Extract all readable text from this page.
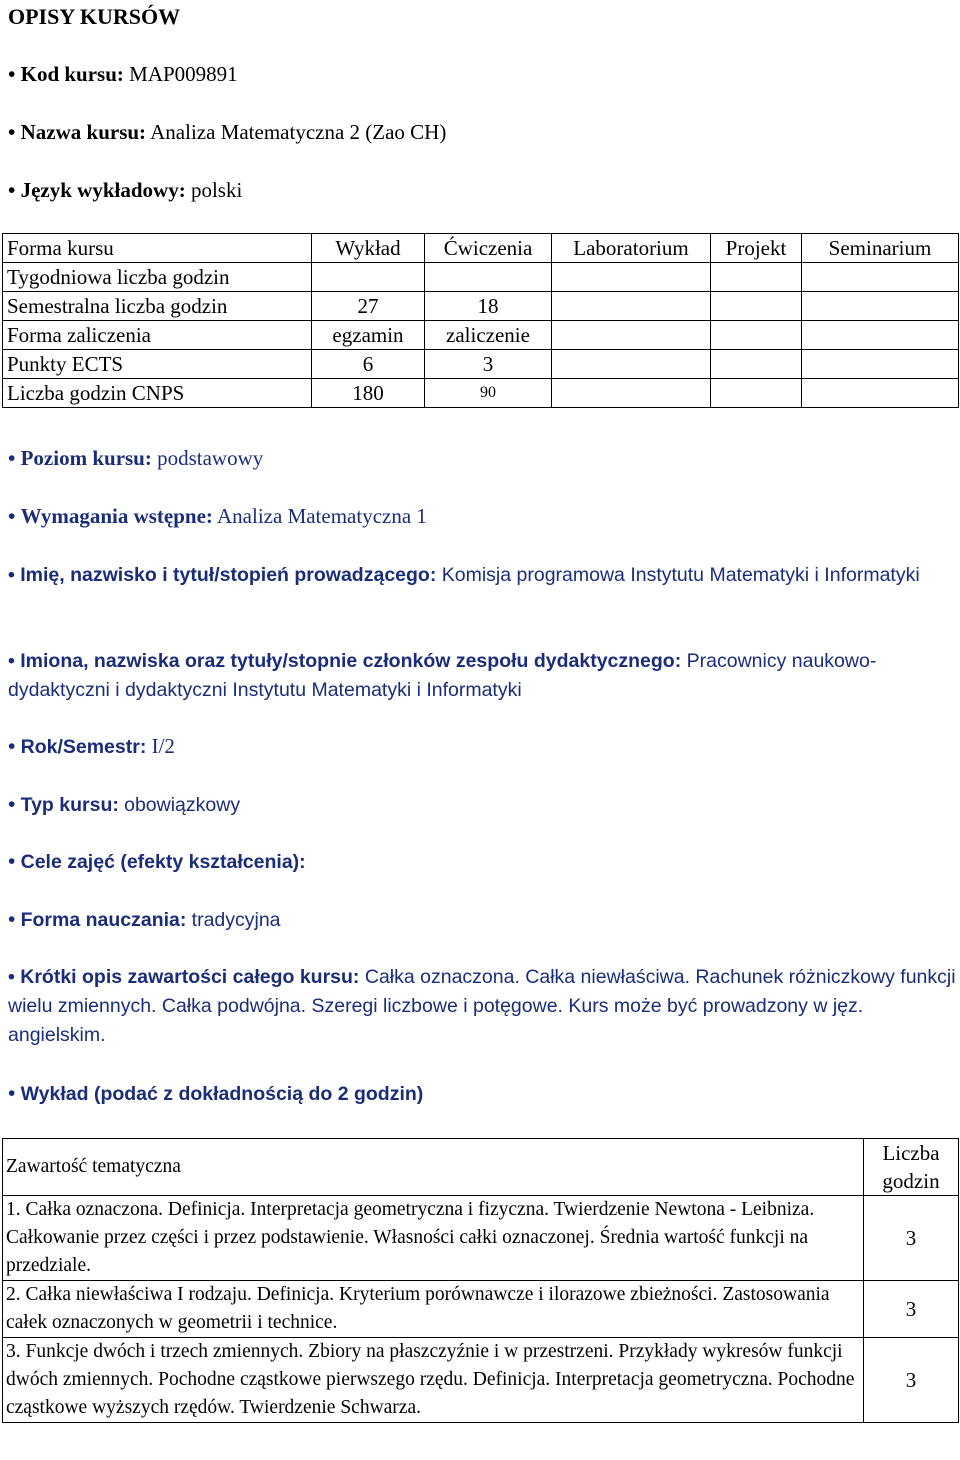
OPISY KURSÓW
• Kod kursu: MAP009891
• Nazwa kursu: Analiza Matematyczna 2 (Zao CH)
• Język wykładowy: polski
Forma kursu	Wykład	Ćwiczenia	Laboratorium	Projekt	Seminarium
Tygodniowa liczba godzin					
Semestralna liczba godzin	27	18			
Forma zaliczenia	egzamin	zaliczenie			
Punkty ECTS	6	3			
Liczba godzin CNPS	180	90			
• Poziom kursu: podstawowy
• Wymagania wstępne: Analiza Matematyczna 1
• Imię, nazwisko i tytuł/stopień prowadzącego: Komisja programowa Instytutu Matematyki i Informatyki
• Imiona, nazwiska oraz tytuły/stopnie członków zespołu dydaktycznego: Pracownicy naukowo-dydaktyczni i dydaktyczni Instytutu Matematyki i Informatyki
• Rok/Semestr: I/2
• Typ kursu: obowiązkowy
• Cele zajęć (efekty kształcenia):
• Forma nauczania: tradycyjna
• Krótki opis zawartości całego kursu: Całka oznaczona. Całka niewłaściwa. Rachunek różniczkowy funkcji wielu zmiennych. Całka podwójna. Szeregi liczbowe i potęgowe. Kurs może być prowadzony w jęz. angielskim.
• Wykład (podać z dokładnością do 2 godzin)
Zawartość tematyczna	Liczba godzin
1. Całka oznaczona. Definicja. Interpretacja geometryczna i fizyczna. Twierdzenie Newtona - Leibniza. Całkowanie przez części i przez podstawienie. Własności całki oznaczonej. Średnia wartość funkcji na przedziale.	3
2. Całka niewłaściwa I rodzaju. Definicja. Kryterium porównawcze i ilorazowe zbieżności. Zastosowania całek oznaczonych w geometrii i technice.	3
3. Funkcje dwóch i trzech zmiennych. Zbiory na płaszczyźnie i w przestrzeni. Przykłady wykresów funkcji dwóch zmiennych. Pochodne cząstkowe pierwszego rzędu. Definicja. Interpretacja geometryczna. Pochodne cząstkowe wyższych rzędów. Twierdzenie Schwarza.	3
